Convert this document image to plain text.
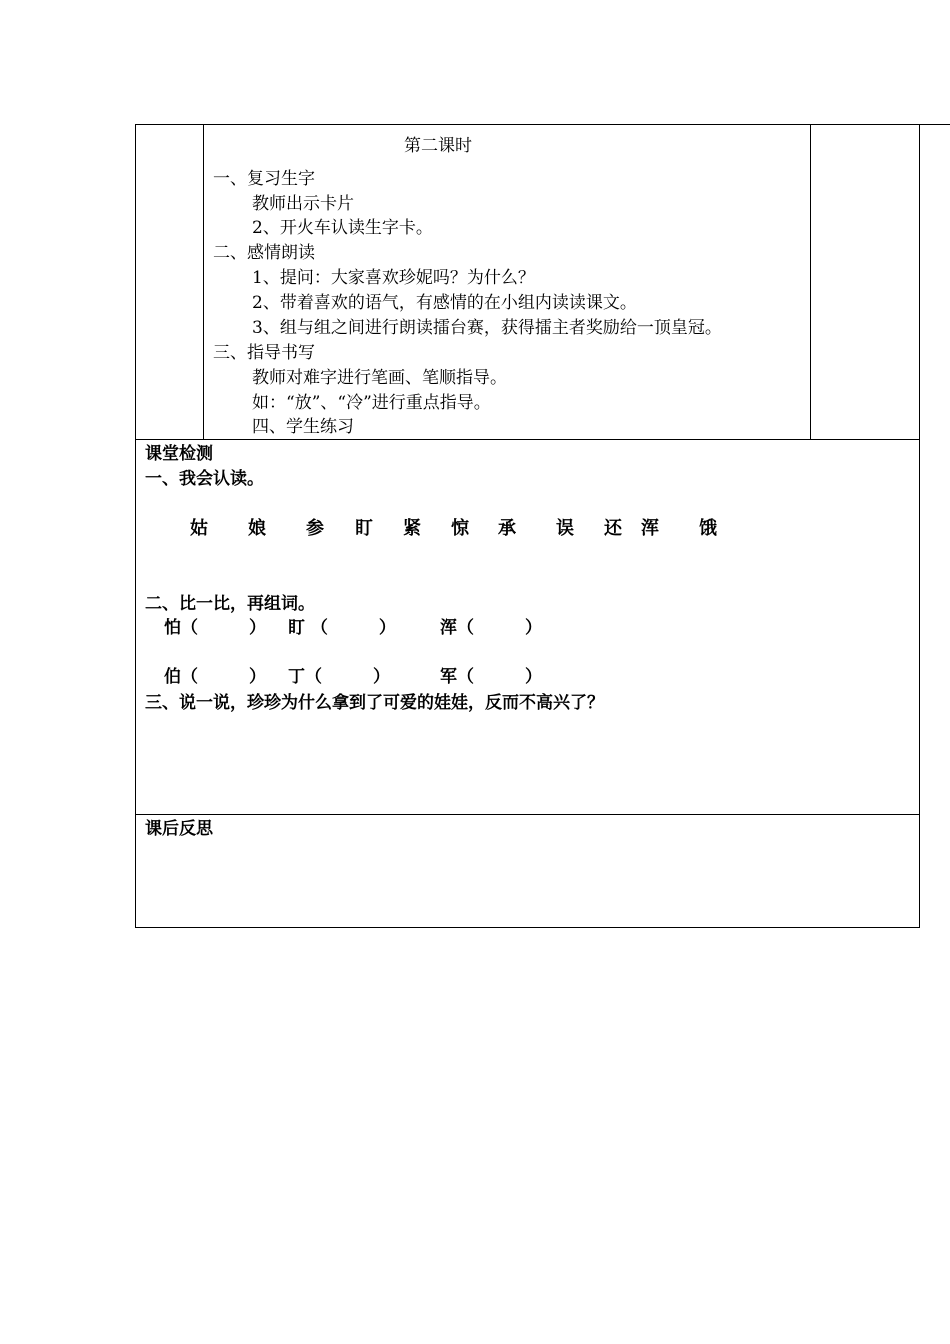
第二课时
一、复习生字
教师出示卡片
2、开火车认读生字卡。
二、感情朗读
1、提问：大家喜欢珍妮吗？为什么？
2、带着喜欢的语气，有感情的在小组内读读课文。
3、组与组之间进行朗读擂台赛，获得擂主者奖励给一顶皇冠。
三、指导书写
教师对难字进行笔画、笔顺指导。
如：“放”、“冷”进行重点指导。
四、学生练习
课堂检测
一、我会认读。
姑 娘 参 盯 紧 惊 承 误 还 浑 饿
二、比一比，再组词。
怕（　　　） 盯 （　　　）	浑（　　　）
伯（　　　） 丁（　　　）	军（　　　）
三、说一说，珍珍为什么拿到了可爱的娃娃，反而不高兴了？
课后反思
